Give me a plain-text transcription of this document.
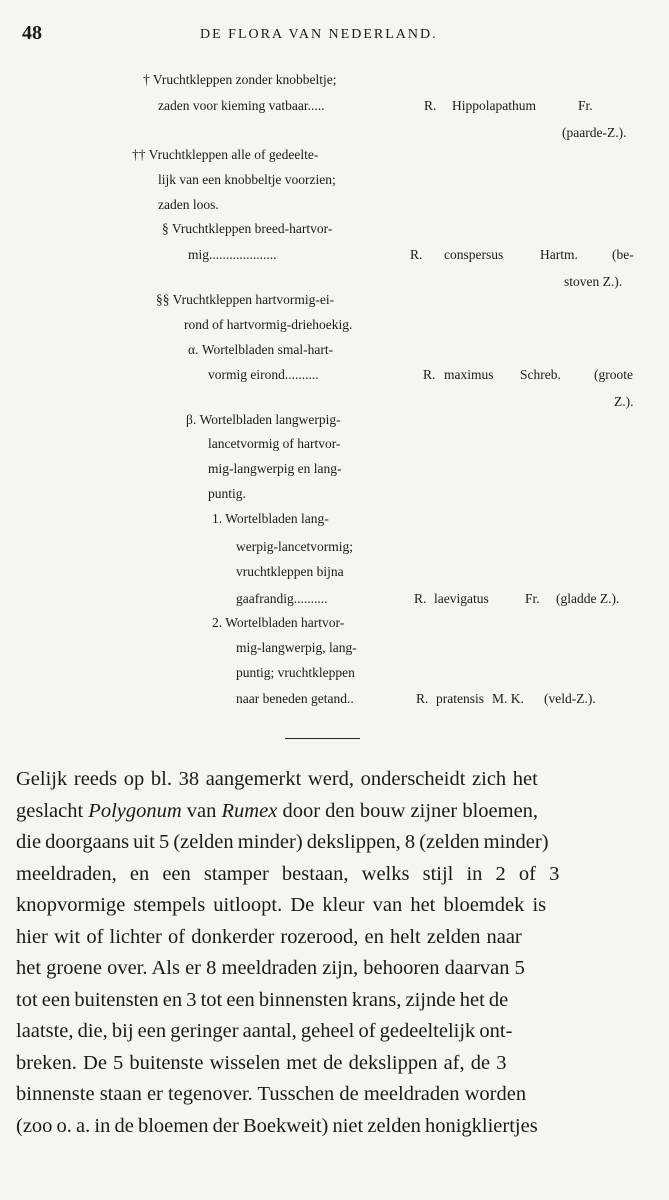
48	DE FLORA VAN NEDERLAND.
† Vruchtkleppen zonder knobbeltje;
zaden voor kieming vatbaar.....	R. Hippolapathum	Fr.
(paarde-Z.).
†† Vruchtkleppen alle of gedeelte-
lijk van een knobbeltje voorzien;
zaden loos.
§ Vruchtkleppen breed-hartvor-
mig....................	R. conspersus	Hartm.	(be-
stoven Z.).
§§ Vruchtkleppen hartvormig-ei-
rond of hartvormig-driehoekig.
α. Wortelbladen smal-hart-
vormig eirond..........	R. maximus Schreb. (groote
Z.).
β. Wortelbladen langwerpig-
lancetvormig of hartvor-
mig-langwerpig en lang-
puntig.
1. Wortelbladen lang-
werpig-lancetvormig;
vruchtkleppen bijna
gaafrandig..........	R. laevigatus	Fr. (gladde Z.).
2. Wortelbladen hartvor-
mig-langwerpig, lang-
puntig; vruchtkleppen
naar beneden getand..	R. pratensis M. K. (veld-Z.).
Gelijk reeds op bl. 38 aangemerkt werd, onderscheidt zich het
geslacht Polygonum van Rumex door den bouw zijner bloemen,
die doorgaans uit 5 (zelden minder) dekslippen, 8 (zelden minder)
meeldraden, en een stamper bestaan, welks stijl in 2 of 3
knopvormige stempels uitloopt. De kleur van het bloemdek is
hier wit of lichter of donkerder rozerood, en helt zelden naar
het groene over. Als er 8 meeldraden zijn, behooren daarvan 5
tot een buitensten en 3 tot een binnensten krans, zijnde het de
laatste, die, bij een geringer aantal, geheel of gedeeltelijk ont-
breken. De 5 buitenste wisselen met de dekslippen af, de 3
binnenste staan er tegenover. Tusschen de meeldraden worden
(zoo o. a. in de bloemen der Boekweit) niet zelden honigkliertjes
